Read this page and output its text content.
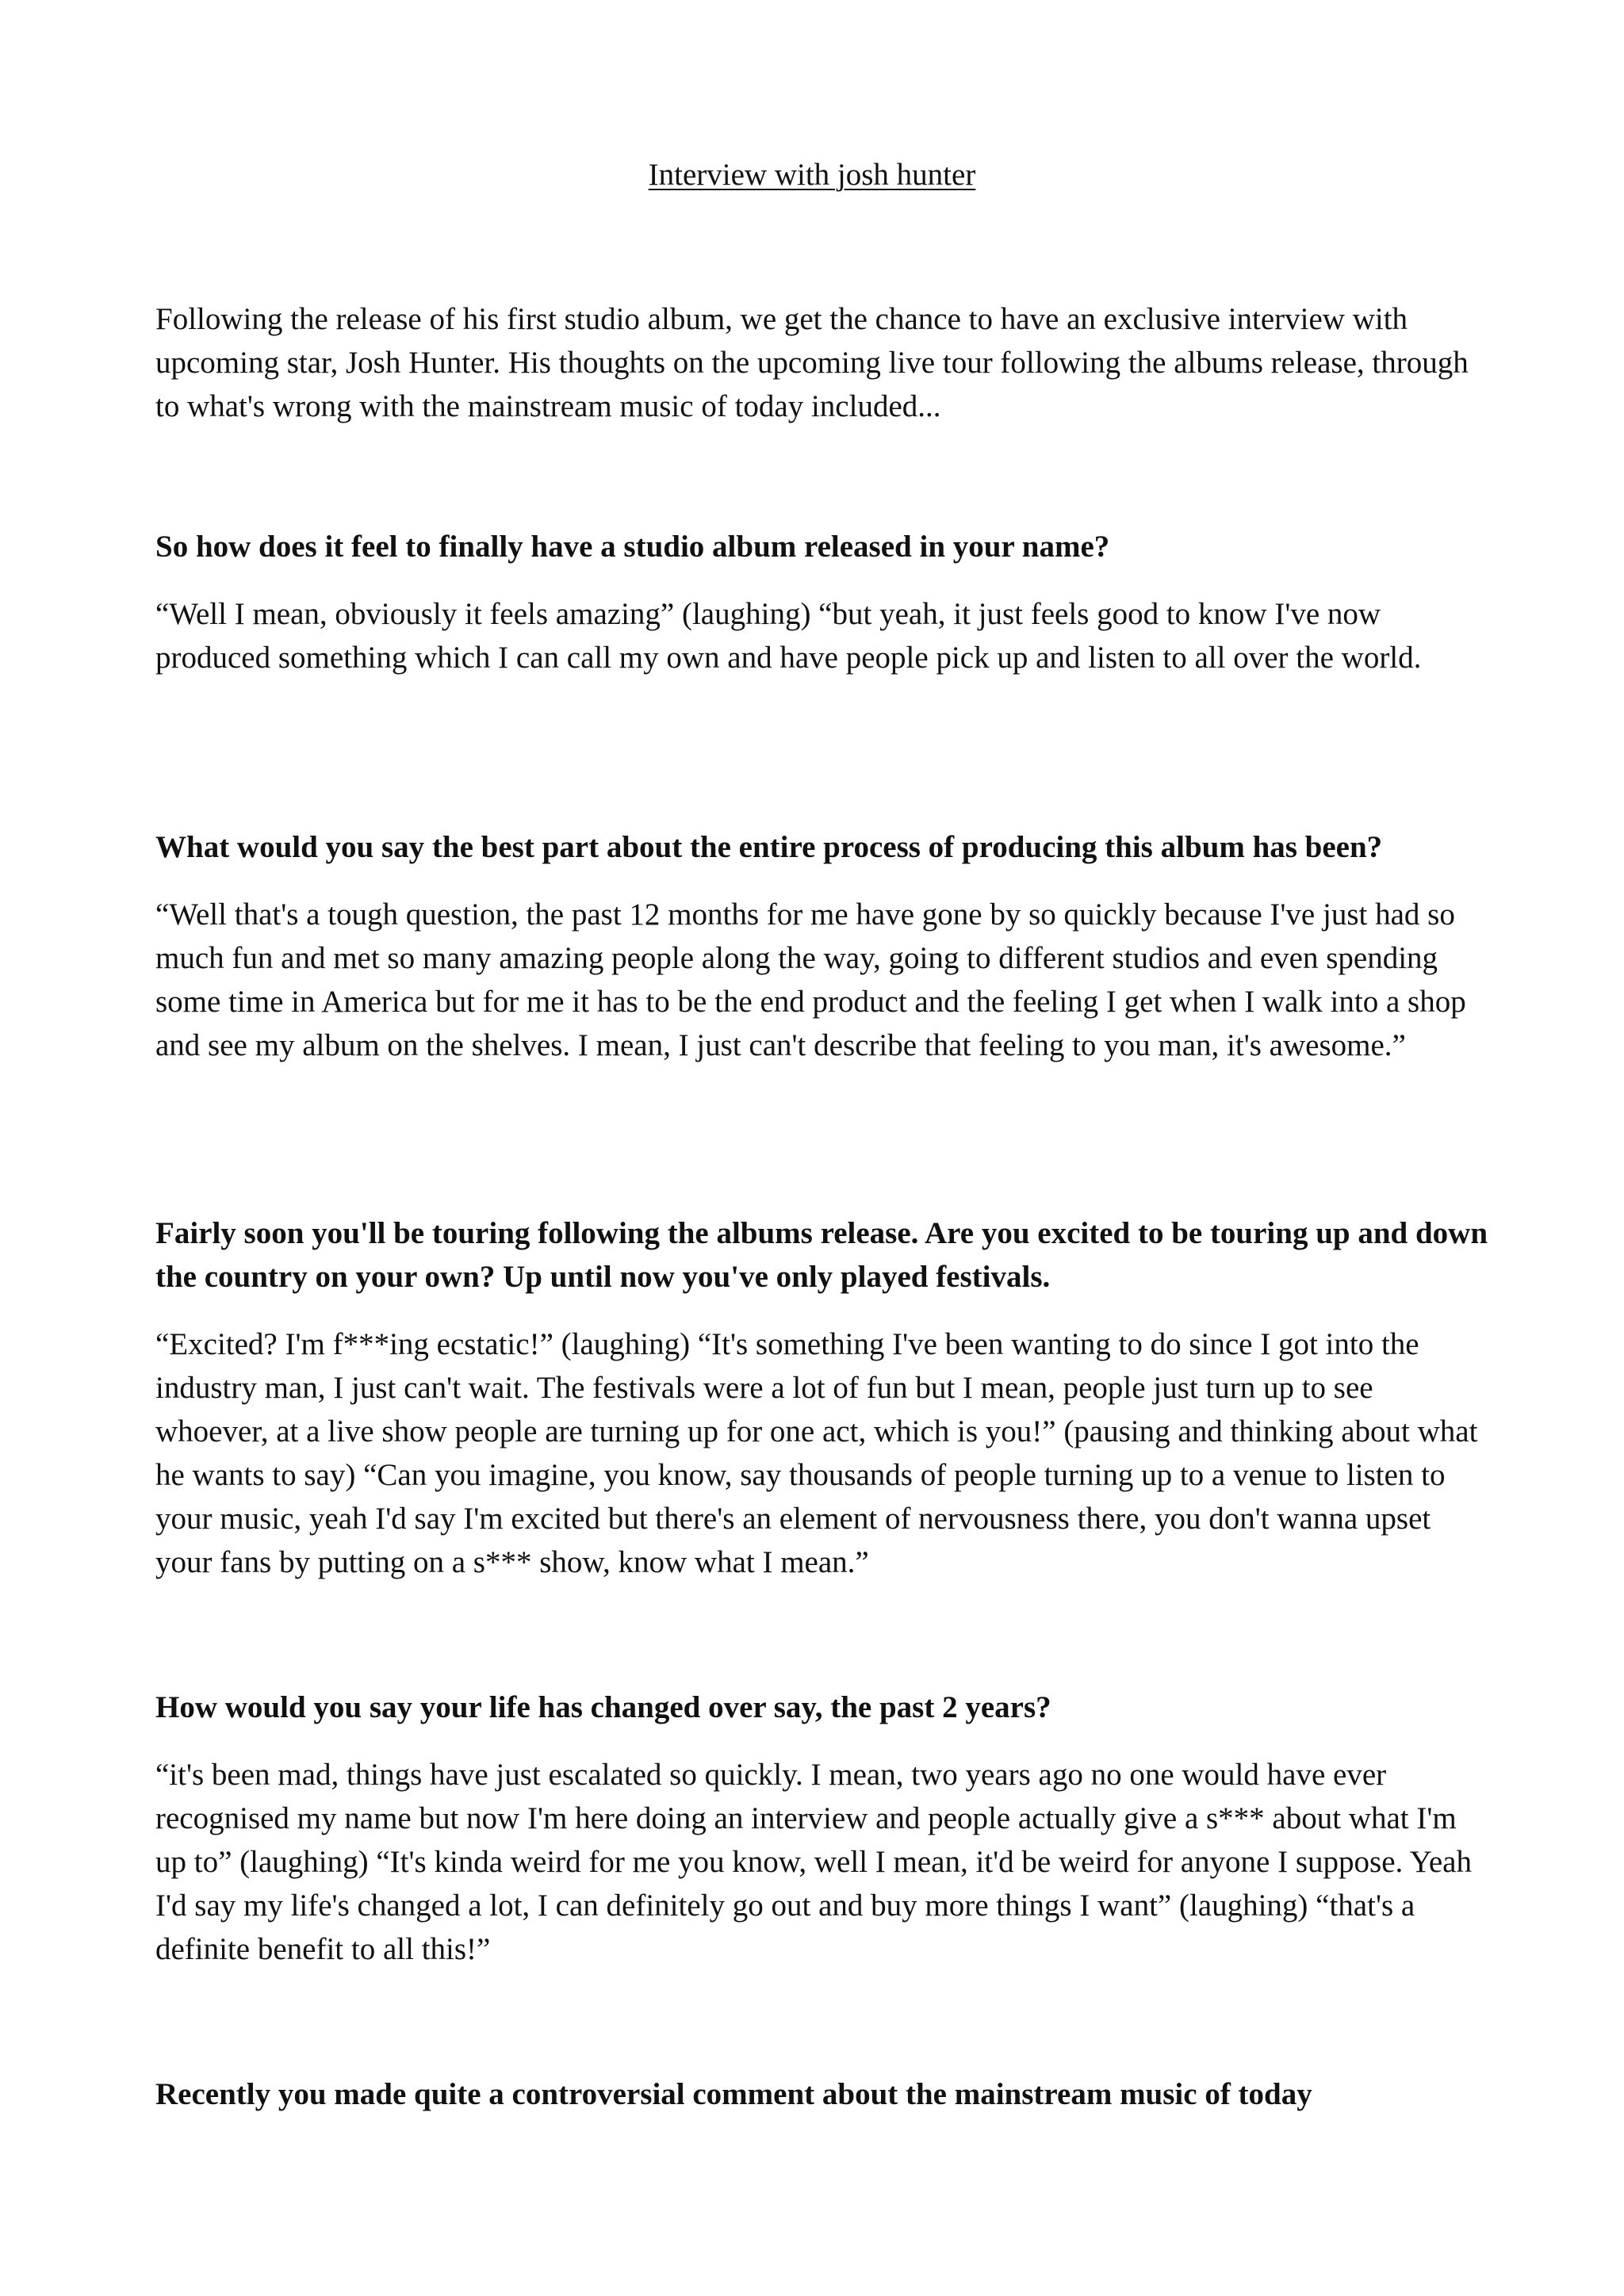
Interview with josh hunter

Following the release of his first studio album, we get the chance to have an exclusive interview with upcoming star, Josh Hunter. His thoughts on the upcoming live tour following the albums release, through to what's wrong with the mainstream music of today included...

So how does it feel to finally have a studio album released in your name?

“Well I mean, obviously it feels amazing” (laughing) “but yeah, it just feels good to know I've now produced something which I can call my own and have people pick up and listen to all over the world.

What would you say the best part about the entire process of producing this album has been?

“Well that's a tough question, the past 12 months for me have gone by so quickly because I've just had so much fun and met so many amazing people along the way, going to different studios and even spending some time in America but for me it has to be the end product and the feeling I get when I walk into a shop and see my album on the shelves. I mean, I just can't describe that feeling to you man, it's awesome.”

Fairly soon you'll be touring following the albums release. Are you excited to be touring up and down the country on your own? Up until now you've only played festivals.

“Excited? I'm f***ing ecstatic!” (laughing) “It's something I've been wanting to do since I got into the industry man, I just can't wait. The festivals were a lot of fun but I mean, people just turn up to see whoever, at a live show people are turning up for one act, which is you!” (pausing and thinking about what he wants to say) “Can you imagine, you know, say thousands of people turning up to a venue to listen to your music, yeah I'd say I'm excited but there's an element of nervousness there, you don't wanna upset your fans by putting on a s*** show, know what I mean.”

How would you say your life has changed over say, the past 2 years?

“it's been mad, things have just escalated so quickly. I mean, two years ago no one would have ever recognised my name but now I'm here doing an interview and people actually give a s*** about what I'm up to” (laughing) “It's kinda weird for me you know, well I mean, it'd be weird for anyone I suppose. Yeah I'd say my life's changed a lot, I can definitely go out and buy more things I want” (laughing) “that's a definite benefit to all this!”

Recently you made quite a controversial comment about the mainstream music of today
